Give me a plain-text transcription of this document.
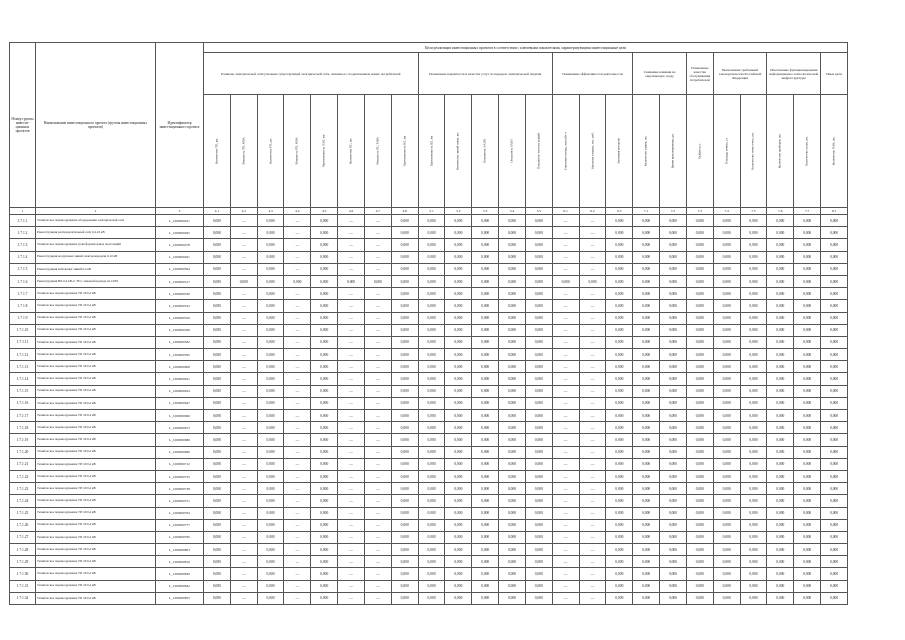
Номер группы инвести-ционных проектов	Наименование инвестиционного проекта (группы инвестиционных проектов)	Идентификатор инвестиционного проекта	Цели реализации инвестиционных проектов в соответствии с ключевыми показателями, характеризующими инвестиционные цели																							
			Развитие электрической сети/усиление существующей электрической сети, связанное с подключением новых потребителей								Повышение надежности и качества услуг по передаче электрической энергии					Повышение эффективности деятельности			Снижение влияния на окружающую среду		Повышение качества обслуживания потребителей	Выполнение требований законодательства Российской Федерации		Обеспечение функционирования информационно-технологической инфраструктуры		Иные цели

			Количество ТП, шт.	Мощность ТП, МВА	Количество РП, шт.	Мощность РП, МВА	Протяженность ЛЭП, км	Количество ПС, шт.	Мощность ПС, МВА	Протяженность ВЛ, км	Протяженность КЛ, км	Количество линий связи, шт.	Показатель SAIDI	Показатель SAIFI	Показатель частоты аварий	Снижение потерь, млн кВт·ч	Удельные затраты, тыс. руб.	Экономия ресурсов	Количество заявок, шт.	Время присоединения, дн.	Выбросы, т	Площадь земель, га	Количество точек учета, шт.	Количество приборов, шт.	Количество узлов, шт.	Количество ПАК, шт.

1	2	3	4.1	4.2	4.3	4.4	4.5	4.6	4.7	4.8	5.1	5.2	5.3	5.4	5.5	6.1	6.2	6.3	7.1	7.2	7.3	7.4	7.5	7.6	7.7	8.1
1.7.1.1	Техническое перевооружение оборудования электрической сети	L_1000000451	0,000	—	0,000	—	0,000	—	—	0,000	0,000	0,000	0,000	0,000	0,000	—	—	0,000	0,000	0,000	0,000	0,000	0,000	0,000	0,000	0,000
1.7.1.2	Реконструкция распределительной сети 0,4-10 кВ	L_1000000465	0,000	—	0,000	—	0,000	—	—	0,000	0,000	0,000	0,000	0,000	0,000	—	—	0,000	0,000	0,000	0,000	0,000	0,000	0,000	0,000	0,000
1.7.1.3	Техническое перевооружение трансформаторных подстанций	L_1000000478	0,000	—	0,000	—	0,000	—	—	0,000	0,000	0,000	0,000	0,000	0,000	—	—	0,000	0,000	0,000	0,000	0,000	0,000	0,000	0,000	0,000
1.7.1.4	Реконструкция воздушных линий электропередачи 6-10 кВ	L_1000000491	0,000	—	0,000	—	0,000	—	—	0,000	0,000	0,000	0,000	0,000	0,000	—	—	0,000	0,000	0,000	0,000	0,000	0,000	0,000	0,000	0,000
1.7.1.5	Реконструкция кабельных линий 0,4 кВ	L_1000000504	0,000	—	0,000	—	0,000	—	—	0,000	0,000	0,000	0,000	0,000	0,000	—	—	0,000	0,000	0,000	0,000	0,000	0,000	0,000	0,000	0,000
1.7.1.6	Реконструкция ВЛ-0,4 кВ от ТП с заменой провода на СИП	L_1000000517	0,000	0,000	0,000	0,000	0,000	0,000	0,000	0,000	0,000	0,000	0,000	0,000	0,000	0,000	0,000	0,000	0,000	0,000	0,000	0,000	0,000	0,000	0,000	0,000
1.7.1.7	Техническое перевооружение ТП 10/0,4 кВ	L_1000000530	0,000	—	0,000	—	0,000	—	—	0,000	0,000	0,000	0,000	0,000	0,000	—	—	0,000	0,000	0,000	0,000	0,000	0,000	0,000	0,000	0,000
1.7.1.8	Техническое перевооружение ТП 10/0,4 кВ	L_1000000543	0,000	—	0,000	—	0,000	—	—	0,000	0,000	0,000	0,000	0,000	0,000	—	—	0,000	0,000	0,000	0,000	0,000	0,000	0,000	0,000	0,000
1.7.1.9	Техническое перевооружение ТП 10/0,4 кВ	L_1000000556	0,000	—	0,000	—	0,000	—	—	0,000	0,000	0,000	0,000	0,000	0,000	—	—	0,000	0,000	0,000	0,000	0,000	0,000	0,000	0,000	0,000
1.7.1.10	Техническое перевооружение ТП 10/0,4 кВ	L_1000000569	0,000	—	0,000	—	0,000	—	—	0,000	0,000	0,000	0,000	0,000	0,000	—	—	0,000	0,000	0,000	0,000	0,000	0,000	0,000	0,000	0,000
1.7.1.11	Техническое перевооружение ТП 10/0,4 кВ	L_1000000582	0,000	—	0,000	—	0,000	—	—	0,000	0,000	0,000	0,000	0,000	0,000	—	—	0,000	0,000	0,000	0,000	0,000	0,000	0,000	0,000	0,000
1.7.1.12	Техническое перевооружение ТП 10/0,4 кВ	L_1000000595	0,000	—	0,000	—	0,000	—	—	0,000	0,000	0,000	0,000	0,000	0,000	—	—	0,000	0,000	0,000	0,000	0,000	0,000	0,000	0,000	0,000
1.7.1.13	Техническое перевооружение ТП 10/0,4 кВ	L_1000000608	0,000	—	0,000	—	0,000	—	—	0,000	0,000	0,000	0,000	0,000	0,000	—	—	0,000	0,000	0,000	0,000	0,000	0,000	0,000	0,000	0,000
1.7.1.14	Техническое перевооружение ТП 10/0,4 кВ	L_1000000621	0,000	—	0,000	—	0,000	—	—	0,000	0,000	0,000	0,000	0,000	0,000	—	—	0,000	0,000	0,000	0,000	0,000	0,000	0,000	0,000	0,000
1.7.1.15	Техническое перевооружение ТП 10/0,4 кВ	L_1000000634	0,000	—	0,000	—	0,000	—	—	0,000	0,000	0,000	0,000	0,000	0,000	—	—	0,000	0,000	0,000	0,000	0,000	0,000	0,000	0,000	0,000
1.7.1.16	Техническое перевооружение ТП 10/0,4 кВ	L_1000000647	0,000	—	0,000	—	0,000	—	—	0,000	0,000	0,000	0,000	0,000	0,000	—	—	0,000	0,000	0,000	0,000	0,000	0,000	0,000	0,000	0,000
1.7.1.17	Техническое перевооружение ТП 10/0,4 кВ	L_1000000660	0,000	—	0,000	—	0,000	—	—	0,000	0,000	0,000	0,000	0,000	0,000	—	—	0,000	0,000	0,000	0,000	0,000	0,000	0,000	0,000	0,000
1.7.1.18	Техническое перевооружение ТП 10/0,4 кВ	L_1000000673	0,000	—	0,000	—	0,000	—	—	0,000	0,000	0,000	0,000	0,000	0,000	—	—	0,000	0,000	0,000	0,000	0,000	0,000	0,000	0,000	0,000
1.7.1.19	Техническое перевооружение ТП 10/0,4 кВ	L_1000000686	0,000	—	0,000	—	0,000	—	—	0,000	0,000	0,000	0,000	0,000	0,000	—	—	0,000	0,000	0,000	0,000	0,000	0,000	0,000	0,000	0,000
1.7.1.20	Техническое перевооружение ТП 10/0,4 кВ	L_1000000699	0,000	—	0,000	—	0,000	—	—	0,000	0,000	0,000	0,000	0,000	0,000	—	—	0,000	0,000	0,000	0,000	0,000	0,000	0,000	0,000	0,000
1.7.1.21	Техническое перевооружение ТП 10/0,4 кВ	L_1000000712	0,000	—	0,000	—	0,000	—	—	0,000	0,000	0,000	0,000	0,000	0,000	—	—	0,000	0,000	0,000	0,000	0,000	0,000	0,000	0,000	0,000
1.7.1.22	Техническое перевооружение ТП 10/0,4 кВ	L_1000000725	0,000	—	0,000	—	0,000	—	—	0,000	0,000	0,000	0,000	0,000	0,000	—	—	0,000	0,000	0,000	0,000	0,000	0,000	0,000	0,000	0,000
1.7.1.23	Техническое перевооружение ТП 10/0,4 кВ	L_1000000738	0,000	—	0,000	—	0,000	—	—	0,000	0,000	0,000	0,000	0,000	0,000	—	—	0,000	0,000	0,000	0,000	0,000	0,000	0,000	0,000	0,000
1.7.1.24	Техническое перевооружение ТП 10/0,4 кВ	L_1000000751	0,000	—	0,000	—	0,000	—	—	0,000	0,000	0,000	0,000	0,000	0,000	—	—	0,000	0,000	0,000	0,000	0,000	0,000	0,000	0,000	0,000
1.7.1.25	Техническое перевооружение ТП 10/0,4 кВ	L_1000000764	0,000	—	0,000	—	0,000	—	—	0,000	0,000	0,000	0,000	0,000	0,000	—	—	0,000	0,000	0,000	0,000	0,000	0,000	0,000	0,000	0,000
1.7.1.26	Техническое перевооружение ТП 10/0,4 кВ	L_1000000777	0,000	—	0,000	—	0,000	—	—	0,000	0,000	0,000	0,000	0,000	0,000	—	—	0,000	0,000	0,000	0,000	0,000	0,000	0,000	0,000	0,000
1.7.1.27	Техническое перевооружение ТП 10/0,4 кВ	L_1000000790	0,000	—	0,000	—	0,000	—	—	0,000	0,000	0,000	0,000	0,000	0,000	—	—	0,000	0,000	0,000	0,000	0,000	0,000	0,000	0,000	0,000
1.7.1.28	Техническое перевооружение ТП 10/0,4 кВ	L_1000000803	0,000	—	0,000	—	0,000	—	—	0,000	0,000	0,000	0,000	0,000	0,000	—	—	0,000	0,000	0,000	0,000	0,000	0,000	0,000	0,000	0,000
1.7.1.29	Техническое перевооружение ТП 10/0,4 кВ	L_1000000816	0,000	—	0,000	—	0,000	—	—	0,000	0,000	0,000	0,000	0,000	0,000	—	—	0,000	0,000	0,000	0,000	0,000	0,000	0,000	0,000	0,000
1.7.1.30	Техническое перевооружение ТП 10/0,4 кВ	L_1000000829	0,000	—	0,000	—	0,000	—	—	0,000	0,000	0,000	0,000	0,000	0,000	—	—	0,000	0,000	0,000	0,000	0,000	0,000	0,000	0,000	0,000
1.7.1.31	Техническое перевооружение ТП 10/0,4 кВ	L_1000000842	0,000	—	0,000	—	0,000	—	—	0,000	0,000	0,000	0,000	0,000	0,000	—	—	0,000	0,000	0,000	0,000	0,000	0,000	0,000	0,000	0,000
1.7.1.32	Техническое перевооружение ТП 10/0,4 кВ	L_1000000855	0,000	—	0,000	—	0,000	—	—	0,000	0,000	0,000	0,000	0,000	0,000	—	—	0,000	0,000	0,000	0,000	0,000	0,000	0,000	0,000	0,000
